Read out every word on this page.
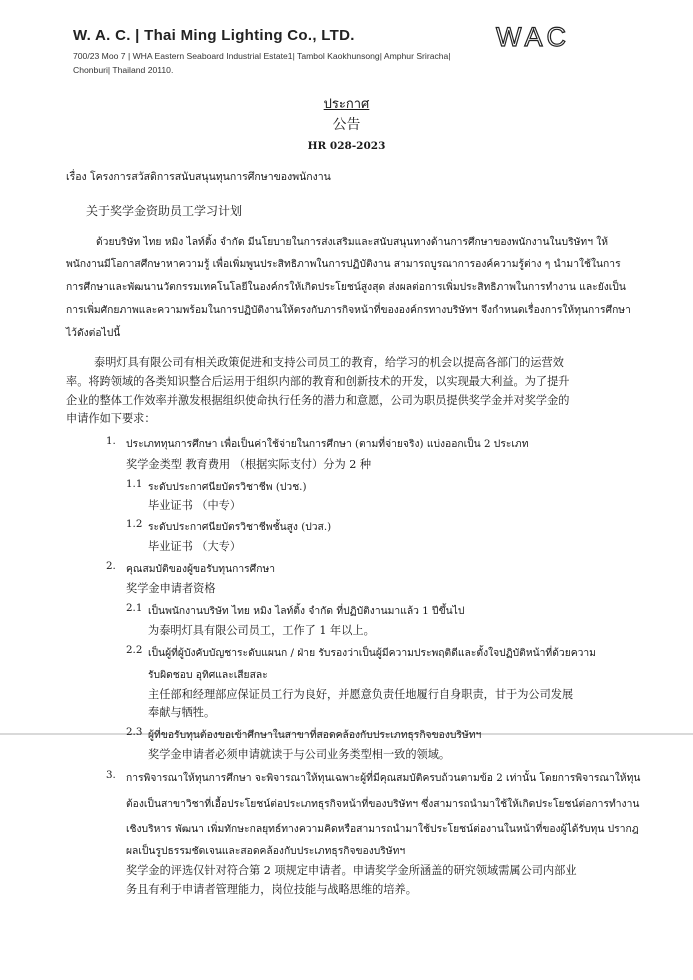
W. A. C. | Thai Ming Lighting Co., LTD.
700/23 Moo 7 | WHA Eastern Seaboard Industrial Estate1| Tambol Kaokhunsong| Amphur Sriracha|
Chonburi| Thailand 20110.
WAC
ประกาศ
公告
HR 028-2023
เรื่อง โครงการสวัสดิการสนับสนุนทุนการศึกษาของพนักงาน
关于奖学金资助员工学习计划
ด้วยบริษัท ไทย หมิง ไลท์ติ้ง จำกัด มีนโยบายในการส่งเสริมและสนับสนุนทางด้านการศึกษาของพนักงานในบริษัทฯ ให้
พนักงานมีโอกาสศึกษาหาความรู้ เพื่อเพิ่มพูนประสิทธิภาพในการปฏิบัติงาน สามารถบูรณาการองค์ความรู้ต่าง ๆ นำมาใช้ในการ
การศึกษาและพัฒนานวัตกรรมเทคโนโลยีในองค์กรให้เกิดประโยชน์สูงสุด ส่งผลต่อการเพิ่มประสิทธิภาพในการทำงาน และยังเป็น
การเพิ่มศักยภาพและความพร้อมในการปฏิบัติงานให้ตรงกับภารกิจหน้าที่ขององค์กรทางบริษัทฯ จึงกำหนดเรื่องการให้ทุนการศึกษา
ไว้ดังต่อไปนี้
泰明灯具有限公司有相关政策促进和支持公司员工的教育，给学习的机会以提高各部门的运营效
率。将跨领域的各类知识整合后运用于组织内部的教育和创新技术的开发，以实现最大利益。为了提升
企业的整体工作效率并激发根据组织使命执行任务的潜力和意愿，公司为职员提供奖学金并对奖学金的
申请作如下要求：
1. ประเภททุนการศึกษา เพื่อเป็นค่าใช้จ่ายในการศึกษา (ตามที่จ่ายจริง) แบ่งออกเป็น 2 ประเภท
奖学金类型 教育费用 （根据实际支付）分为 2 种
1.1 ระดับประกาศนียบัตรวิชาชีพ (ปวช.)
毕业证书 （中专）
1.2 ระดับประกาศนียบัตรวิชาชีพชั้นสูง (ปวส.)
毕业证书 （大专）
2. คุณสมบัติของผู้ขอรับทุนการศึกษา
奖学金申请者资格
2.1 เป็นพนักงานบริษัท ไทย หมิง ไลท์ติ้ง จำกัด ที่ปฏิบัติงานมาแล้ว 1 ปีขึ้นไป
为泰明灯具有限公司员工，工作了 1 年以上。
2.2 เป็นผู้ที่ผู้บังคับบัญชาระดับแผนก / ฝ่าย รับรองว่าเป็นผู้มีความประพฤติดีและตั้งใจปฏิบัติหน้าที่ด้วยความ
รับผิดชอบ อุทิศและเสียสละ
主任部和经理部应保证员工行为良好，并愿意负责任地履行自身职责，甘于为公司发展
奉献与牺牲。
2.3 ผู้ที่ขอรับทุนต้องขอเข้าศึกษาในสาขาที่สอดคล้องกับประเภทธุรกิจของบริษัทฯ
奖学金申请者必须申请就读于与公司业务类型相一致的领域。
3. การพิจารณาให้ทุนการศึกษา จะพิจารณาให้ทุนเฉพาะผู้ที่มีคุณสมบัติครบถ้วนตามข้อ 2 เท่านั้น โดยการพิจารณาให้ทุน
ต้องเป็นสาขาวิชาที่เอื้อประโยชน์ต่อประเภทธุรกิจหน้าที่ของบริษัทฯ ซึ่งสามารถนำมาใช้ให้เกิดประโยชน์ต่อการทำงาน
เชิงบริหาร พัฒนา เพิ่มทักษะกลยุทธ์ทางความคิดหรือสามารถนำมาใช้ประโยชน์ต่องานในหน้าที่ของผู้ได้รับทุน ปรากฎ
ผลเป็นรูปธรรมชัดเจนและสอดคล้องกับประเภทธุรกิจของบริษัทฯ
奖学金的评选仅针对符合第 2 项规定申请者。申请奖学金所涵盖的研究领域需属公司内部业
务且有利于申请者管理能力，岗位技能与战略思维的培养。
